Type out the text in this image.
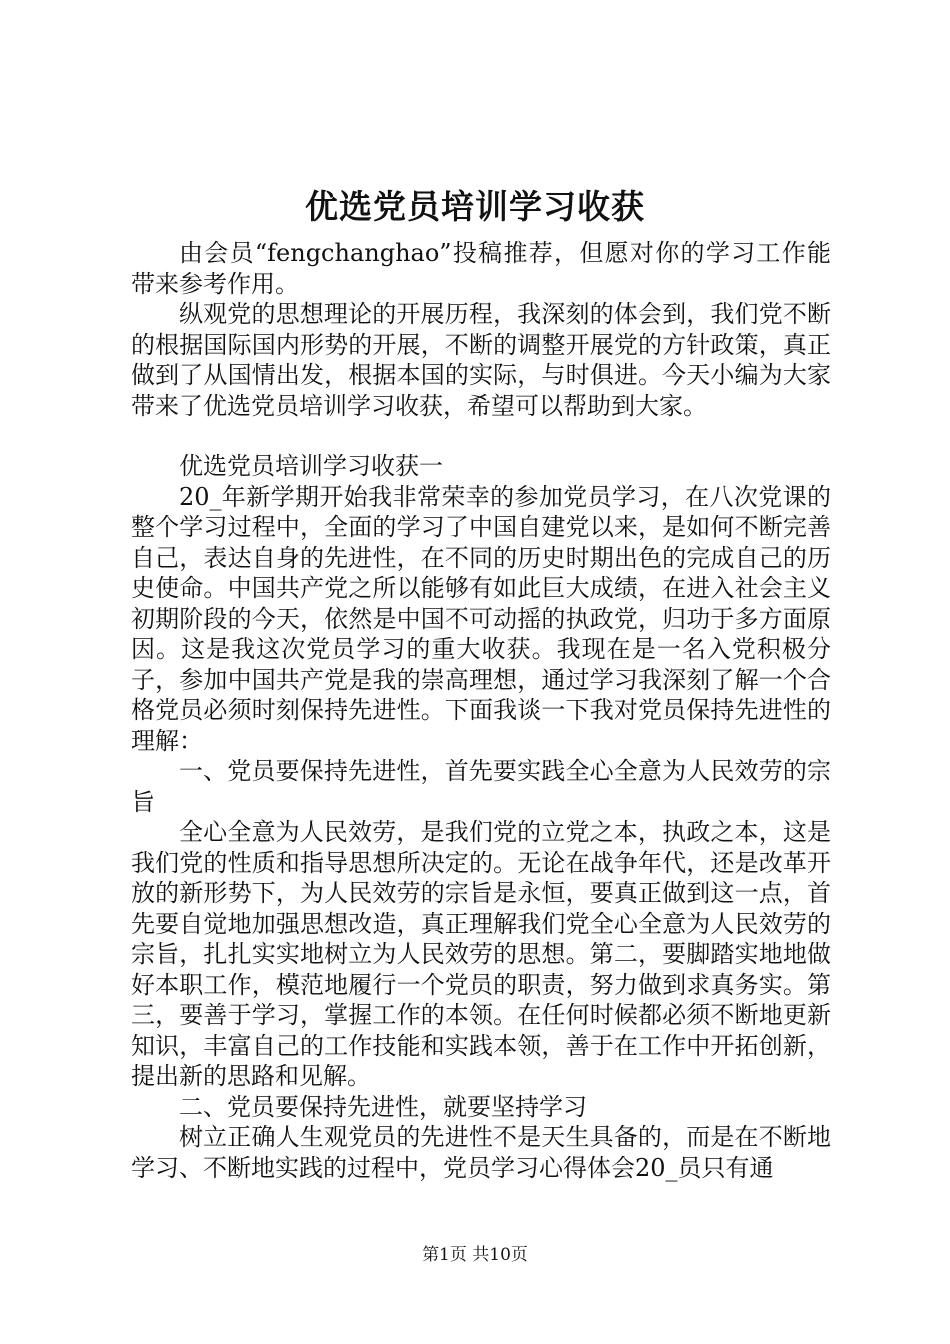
优选党员培训学习收获

由会员“fengchanghao”投稿推荐，但愿对你的学习工作能带来参考作用。

纵观党的思想理论的开展历程，我深刻的体会到，我们党不断的根据国际国内形势的开展，不断的调整开展党的方针政策，真正做到了从国情出发，根据本国的实际，与时俱进。今天小编为大家带来了优选党员培训学习收获，希望可以帮助到大家。

优选党员培训学习收获一

20_年新学期开始我非常荣幸的参加党员学习，在八次党课的整个学习过程中，全面的学习了中国自建党以来，是如何不断完善自己，表达自身的先进性，在不同的历史时期出色的完成自己的历史使命。中国共产党之所以能够有如此巨大成绩，在进入社会主义初期阶段的今天，依然是中国不可动摇的执政党，归功于多方面原因。这是我这次党员学习的重大收获。我现在是一名入党积极分子，参加中国共产党是我的崇高理想，通过学习我深刻了解一个合格党员必须时刻保持先进性。下面我谈一下我对党员保持先进性的理解：

一、党员要保持先进性，首先要实践全心全意为人民效劳的宗旨

全心全意为人民效劳，是我们党的立党之本，执政之本，这是我们党的性质和指导思想所决定的。无论在战争年代，还是改革开放的新形势下，为人民效劳的宗旨是永恒，要真正做到这一点，首先要自觉地加强思想改造，真正理解我们党全心全意为人民效劳的宗旨，扎扎实实地树立为人民效劳的思想。第二，要脚踏实地地做好本职工作，模范地履行一个党员的职责，努力做到求真务实。第三，要善于学习，掌握工作的本领。在任何时候都必须不断地更新知识，丰富自己的工作技能和实践本领，善于在工作中开拓创新，提出新的思路和见解。

二、党员要保持先进性，就要坚持学习

树立正确人生观党员的先进性不是天生具备的，而是在不断地学习、不断地实践的过程中，党员学习心得体会20_员只有通

第1页 共10页
